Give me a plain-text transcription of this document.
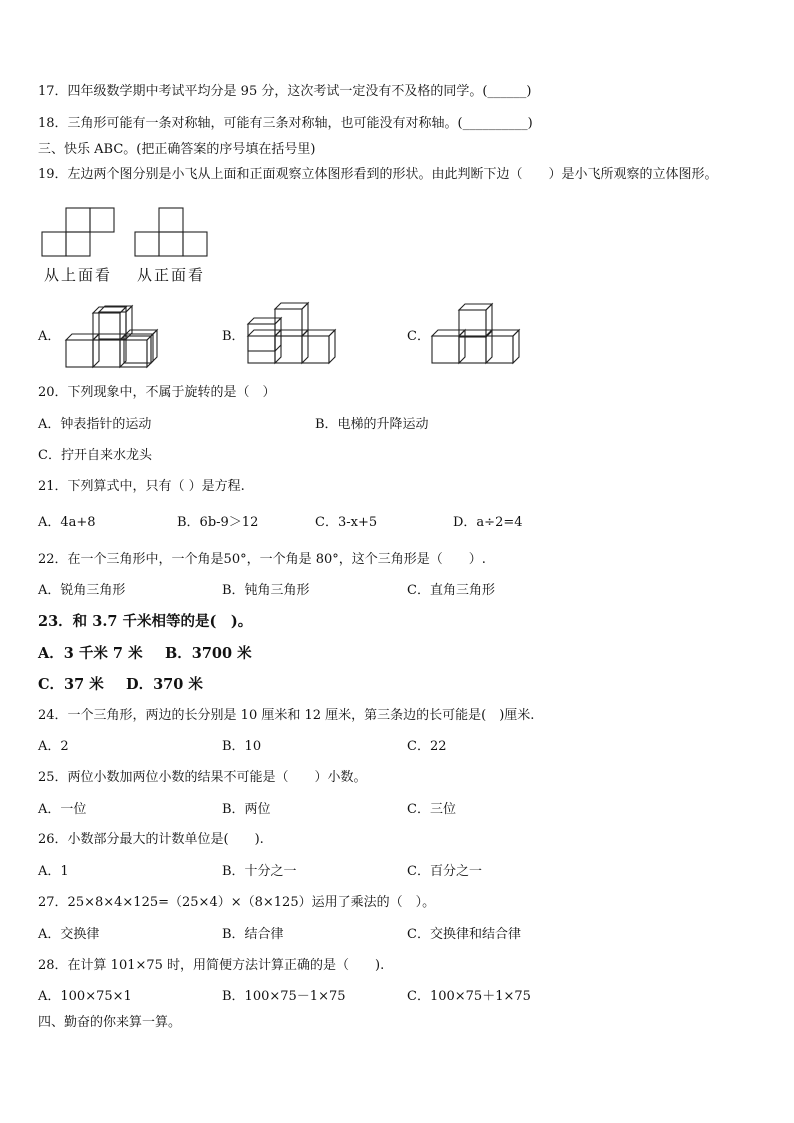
17．四年级数学期中考试平均分是 95 分，这次考试一定没有不及格的同学。(______)
18．三角形可能有一条对称轴，可能有三条对称轴，也可能没有对称轴。(__________)
三、快乐 ABC。(把正确答案的序号填在括号里)
19．左边两个图分别是小飞从上面和正面观察立体图形看到的形状。由此判断下边（　　）是小飞所观察的立体图形。
从上面看 从正面看
A．	B．	C．
20．下列现象中，不属于旋转的是（　）
A．钟表指针的运动	B．电梯的升降运动
C．拧开自来水龙头
21．下列算式中，只有（ ）是方程.
A．4a+8	B．6b-9＞12	C．3-x+5	D．a÷2=4
22．在一个三角形中，一个角是50°，一个角是 80°，这个三角形是（　　）.
A．锐角三角形	B．钝角三角形	C．直角三角形
23．和 3.7 千米相等的是(　)。
A．3 千米 7 米 B．3700 米
C．37 米 D．370 米
24．一个三角形，两边的长分别是 10 厘米和 12 厘米，第三条边的长可能是(　)厘米.
A．2	B．10	C．22
25．两位小数加两位小数的结果不可能是（　　）小数。
A．一位	B．两位	C．三位
26．小数部分最大的计数单位是(　　).
A．1	B．十分之一	C．百分之一
27．25×8×4×125=（25×4）×（8×125）运用了乘法的（　）。
A．交换律	B．结合律	C．交换律和结合律
28．在计算 101×75 时，用简便方法计算正确的是（　　).
A．100×75×1	B．100×75－1×75	C．100×75＋1×75
四、勤奋的你来算一算。
